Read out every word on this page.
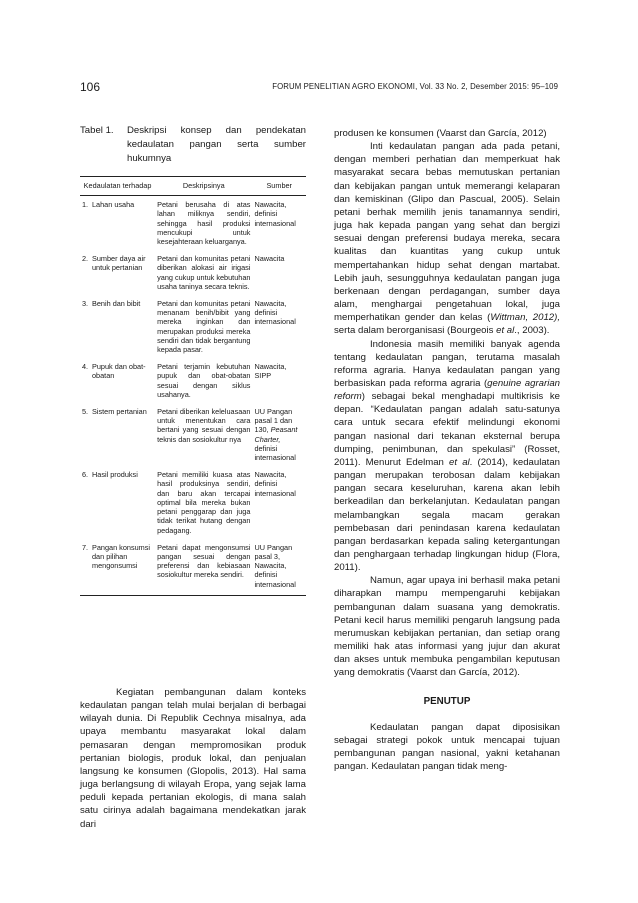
106	FORUM PENELITIAN AGRO EKONOMI, Vol. 33 No. 2, Desember 2015: 95–109
Tabel 1.	Deskripsi konsep dan pendekatan kedaulatan pangan serta sumber hukumnya
Kedaulatan terhadap	Deskripsinya	Sumber

1. Lahan usaha	Petani berusaha di atas lahan miliknya sendiri, sehingga hasil produksi mencukupi untuk kesejahteraan keluarganya.	Nawacita, definisi internasional

2. Sumber daya air untuk pertanian	Petani dan komunitas petani diberikan alokasi air irigasi yang cukup untuk kebutuhan usaha taninya secara teknis.	Nawacita

3. Benih dan bibit	Petani dan komunitas petani menanam benih/bibit yang mereka inginkan dan merupakan produksi mereka sendiri dan tidak bergantung kepada pasar.	Nawacita, definisi internasional

4. Pupuk dan obat-obatan	Petani terjamin kebutuhan pupuk dan obat-obatan sesuai dengan siklus usahanya.	Nawacita, SIPP

5. Sistem pertanian	Petani diberikan keleluasaan untuk menentukan cara bertani yang sesuai dengan teknis dan sosiokultur nya	UU Pangan pasal 1 dan 130, Peasant Charter, definisi internasional

6. Hasil produksi	Petani memiliki kuasa atas hasil produksinya sendiri, dan baru akan tercapai optimal bila mereka bukan petani penggarap dan juga tidak terikat hutang dengan pedagang.	Nawacita, definisi internasional

7. Pangan konsumsi dan pilihan mengonsumsi	Petani dapat mengonsumsi pangan sesuai dengan preferensi dan kebiasaan sosiokultur mereka sendiri.	UU Pangan pasal 3, Nawacita, definisi internasional

Kegiatan pembangunan dalam konteks kedaulatan pangan telah mulai berjalan di berbagai wilayah dunia. Di Republik Cechnya misalnya, ada upaya membantu masyarakat lokal dalam pemasaran dengan mempromosikan produk pertanian biologis, produk lokal, dan penjualan langsung ke konsumen (Glopolis, 2013). Hal sama juga berlangsung di wilayah Eropa, yang sejak lama peduli kepada pertanian ekologis, di mana salah satu cirinya adalah bagaimana mendekatkan jarak dari

produsen ke konsumen (Vaarst dan García, 2012)

Inti kedaulatan pangan ada pada petani, dengan memberi perhatian dan memperkuat hak masyarakat secara bebas memutuskan pertanian dan kebijakan pangan untuk memerangi kelaparan dan kemiskinan (Glipo dan Pascual, 2005). Selain petani berhak memilih jenis tanamannya sendiri, juga hak kepada pangan yang sehat dan bergizi sesuai dengan preferensi budaya mereka, secara kualitas dan kuantitas yang cukup untuk mempertahankan hidup sehat dengan martabat. Lebih jauh, sesungguhnya kedaulatan pangan juga berkenaan dengan perdagangan, sumber daya alam, menghargai pengetahuan lokal, juga memperhatikan gender dan kelas (Wittman, 2012), serta dalam berorganisasi (Bourgeois et al., 2003).

Indonesia masih memiliki banyak agenda tentang kedaulatan pangan, terutama masalah reforma agraria. Hanya kedaulatan pangan yang berbasiskan pada reforma agraria (genuine agrarian reform) sebagai bekal menghadapi multikrisis ke depan. “Kedaulatan pangan adalah satu-satunya cara untuk secara efektif melindungi ekonomi pangan nasional dari tekanan eksternal berupa dumping, penimbunan, dan spekulasi” (Rosset, 2011). Menurut Edelman et al. (2014), kedaulatan pangan merupakan terobosan dalam kebijakan pangan secara keseluruhan, karena akan lebih berkeadilan dan berkelanjutan. Kedaulatan pangan melambangkan segala macam gerakan pembebasan dari penindasan karena kedaulatan pangan berdasarkan kepada saling ketergantungan dan penghargaan terhadap lingkungan hidup (Flora, 2011).

Namun, agar upaya ini berhasil maka petani diharapkan mampu mempengaruhi kebijakan pembangunan dalam suasana yang demokratis. Petani kecil harus memiliki pengaruh langsung pada merumuskan kebijakan pertanian, dan setiap orang memiliki hak atas informasi yang jujur dan akurat dan akses untuk membuka pengambilan keputusan yang demokratis (Vaarst dan García, 2012).

PENUTUP

Kedaulatan pangan dapat diposisikan sebagai strategi pokok untuk mencapai tujuan pembangunan pangan nasional, yakni ketahanan pangan. Kedaulatan pangan tidak meng-
